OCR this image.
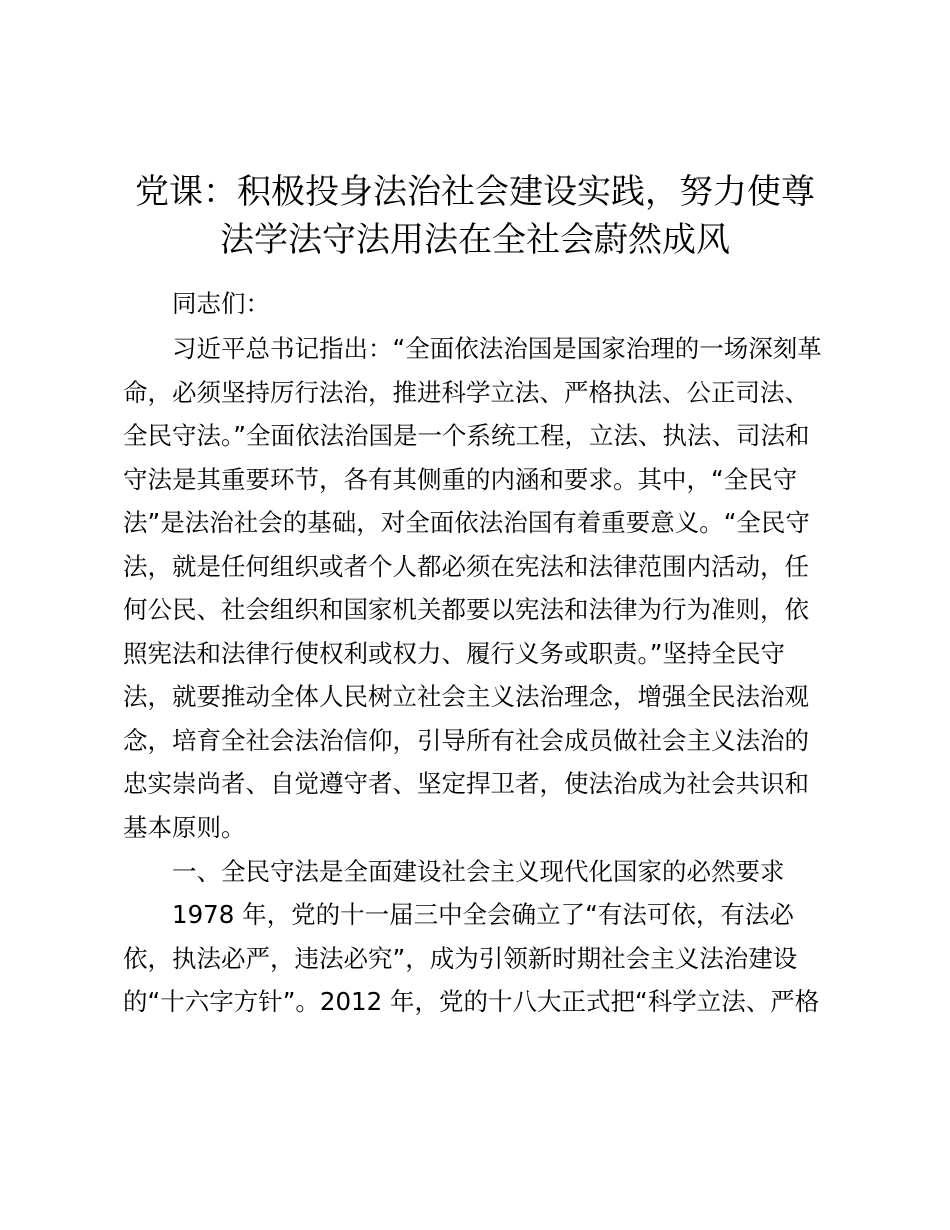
党课：积极投身法治社会建设实践，努力使尊
法学法守法用法在全社会蔚然成风

同志们：

习近平总书记指出：“全面依法治国是国家治理的一场深刻革

命，必须坚持厉行法治，推进科学立法、严格执法、公正司法、

全民守法。”全面依法治国是一个系统工程，立法、执法、司法和

守法是其重要环节，各有其侧重的内涵和要求。其中，“全民守

法”是法治社会的基础，对全面依法治国有着重要意义。“全民守

法，就是任何组织或者个人都必须在宪法和法律范围内活动，任

何公民、社会组织和国家机关都要以宪法和法律为行为准则，依

照宪法和法律行使权利或权力、履行义务或职责。”坚持全民守

法，就要推动全体人民树立社会主义法治理念，增强全民法治观

念，培育全社会法治信仰，引导所有社会成员做社会主义法治的

忠实崇尚者、自觉遵守者、坚定捍卫者，使法治成为社会共识和

基本原则。

一、全民守法是全面建设社会主义现代化国家的必然要求

1978 年，党的十一届三中全会确立了“有法可依，有法必

依，执法必严，违法必究”，成为引领新时期社会主义法治建设

的“十六字方针”。2012 年，党的十八大正式把“科学立法、严格
